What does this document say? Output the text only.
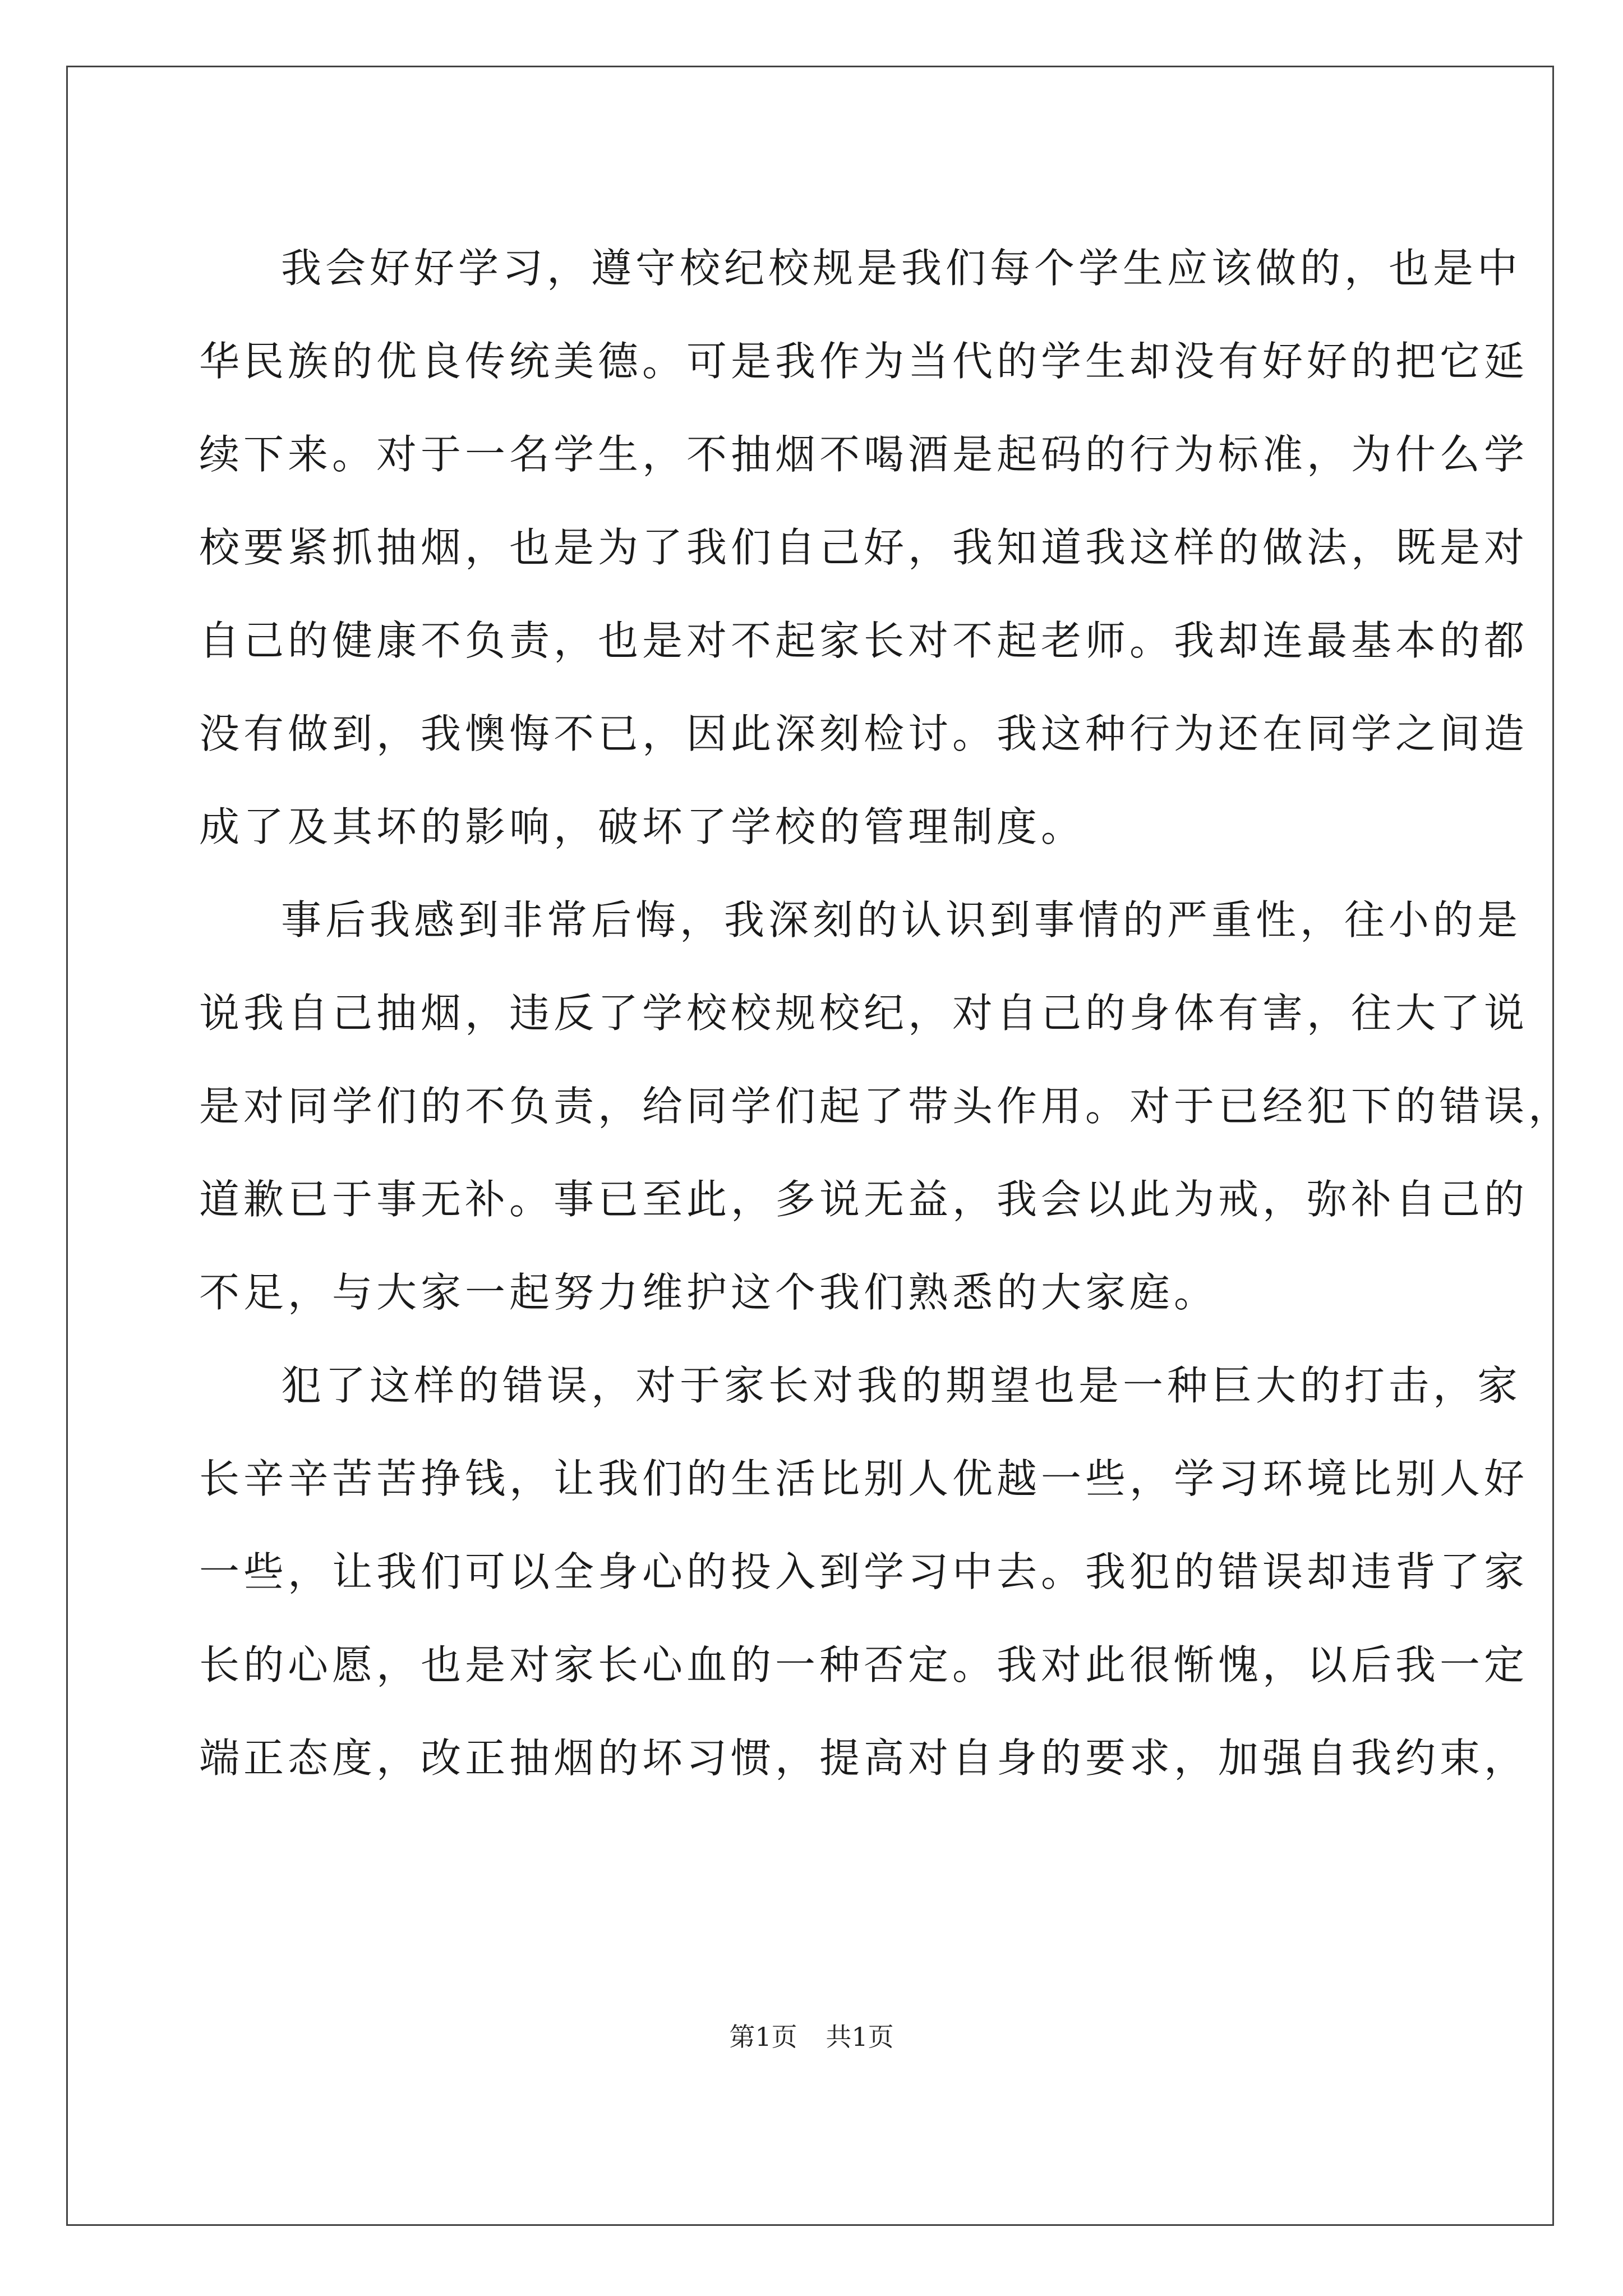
我会好好学习，遵守校纪校规是我们每个学生应该做的，也是中
华民族的优良传统美德。可是我作为当代的学生却没有好好的把它延
续下来。对于一名学生，不抽烟不喝酒是起码的行为标准，为什么学
校要紧抓抽烟，也是为了我们自己好，我知道我这样的做法，既是对
自己的健康不负责，也是对不起家长对不起老师。我却连最基本的都
没有做到，我懊悔不已，因此深刻检讨。我这种行为还在同学之间造
成了及其坏的影响，破坏了学校的管理制度。
事后我感到非常后悔，我深刻的认识到事情的严重性，往小的是
说我自己抽烟，违反了学校校规校纪，对自己的身体有害，往大了说
是对同学们的不负责，给同学们起了带头作用。对于已经犯下的错误，
道歉已于事无补。事已至此，多说无益，我会以此为戒，弥补自己的
不足，与大家一起努力维护这个我们熟悉的大家庭。
犯了这样的错误，对于家长对我的期望也是一种巨大的打击，家
长辛辛苦苦挣钱，让我们的生活比别人优越一些，学习环境比别人好
一些，让我们可以全身心的投入到学习中去。我犯的错误却违背了家
长的心愿，也是对家长心血的一种否定。我对此很惭愧，以后我一定
端正态度，改正抽烟的坏习惯，提高对自身的要求，加强自我约束，
第1页 共1页
